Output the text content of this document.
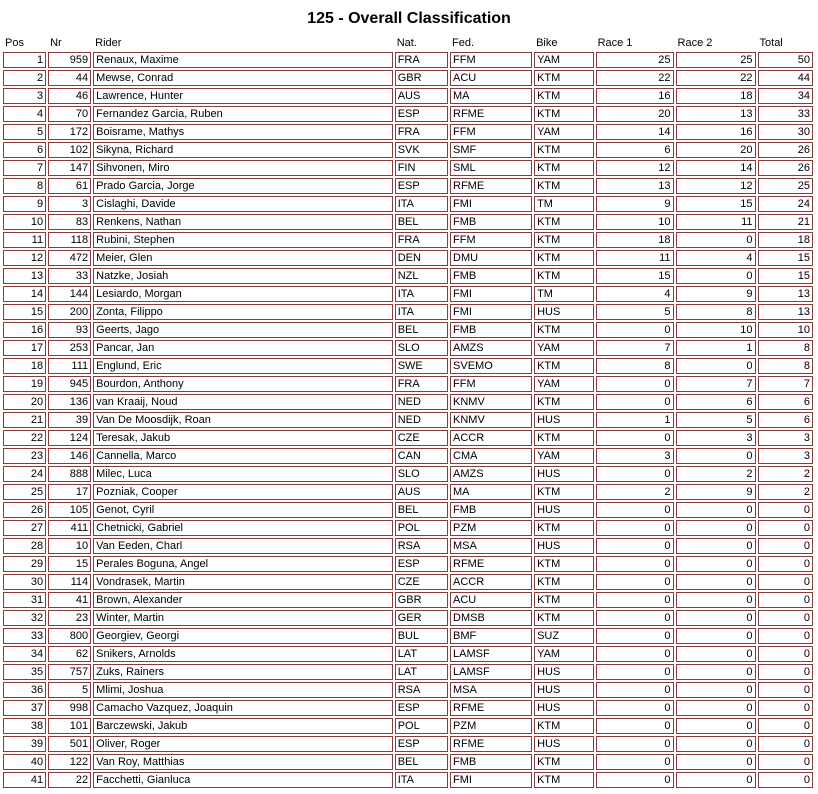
125 - Overall Classification
Pos	Nr	Rider	Nat.	Fed.	Bike	Race 1	Race 2	Total
1	959	Renaux, Maxime	FRA	FFM	YAM	25	25	50
2	44	Mewse, Conrad	GBR	ACU	KTM	22	22	44
3	46	Lawrence, Hunter	AUS	MA	KTM	16	18	34
4	70	Fernandez Garcia, Ruben	ESP	RFME	KTM	20	13	33
5	172	Boisrame, Mathys	FRA	FFM	YAM	14	16	30
6	102	Sikyna, Richard	SVK	SMF	KTM	6	20	26
7	147	Sihvonen, Miro	FIN	SML	KTM	12	14	26
8	61	Prado Garcia, Jorge	ESP	RFME	KTM	13	12	25
9	3	Cislaghi, Davide	ITA	FMI	TM	9	15	24
10	83	Renkens, Nathan	BEL	FMB	KTM	10	11	21
11	118	Rubini, Stephen	FRA	FFM	KTM	18	0	18
12	472	Meier, Glen	DEN	DMU	KTM	11	4	15
13	33	Natzke, Josiah	NZL	FMB	KTM	15	0	15
14	144	Lesiardo, Morgan	ITA	FMI	TM	4	9	13
15	200	Zonta, Filippo	ITA	FMI	HUS	5	8	13
16	93	Geerts, Jago	BEL	FMB	KTM	0	10	10
17	253	Pancar, Jan	SLO	AMZS	YAM	7	1	8
18	111	Englund, Eric	SWE	SVEMO	KTM	8	0	8
19	945	Bourdon, Anthony	FRA	FFM	YAM	0	7	7
20	136	van Kraaij, Noud	NED	KNMV	KTM	0	6	6
21	39	Van De Moosdijk, Roan	NED	KNMV	HUS	1	5	6
22	124	Teresak, Jakub	CZE	ACCR	KTM	0	3	3
23	146	Cannella, Marco	CAN	CMA	YAM	3	0	3
24	888	Milec, Luca	SLO	AMZS	HUS	0	2	2
25	17	Pozniak, Cooper	AUS	MA	KTM	2	9	2
26	105	Genot, Cyril	BEL	FMB	HUS	0	0	0
27	411	Chetnicki, Gabriel	POL	PZM	KTM	0	0	0
28	10	Van Eeden, Charl	RSA	MSA	HUS	0	0	0
29	15	Perales Boguna, Angel	ESP	RFME	KTM	0	0	0
30	114	Vondrasek, Martin	CZE	ACCR	KTM	0	0	0
31	41	Brown, Alexander	GBR	ACU	KTM	0	0	0
32	23	Winter, Martin	GER	DMSB	KTM	0	0	0
33	800	Georgiev, Georgi	BUL	BMF	SUZ	0	0	0
34	62	Snikers, Arnolds	LAT	LAMSF	YAM	0	0	0
35	757	Zuks, Rainers	LAT	LAMSF	HUS	0	0	0
36	5	Mlimi, Joshua	RSA	MSA	HUS	0	0	0
37	998	Camacho Vazquez, Joaquin	ESP	RFME	HUS	0	0	0
38	101	Barczewski, Jakub	POL	PZM	KTM	0	0	0
39	501	Oliver, Roger	ESP	RFME	HUS	0	0	0
40	122	Van Roy, Matthias	BEL	FMB	KTM	0	0	0
41	22	Facchetti, Gianluca	ITA	FMI	KTM	0	0	0
